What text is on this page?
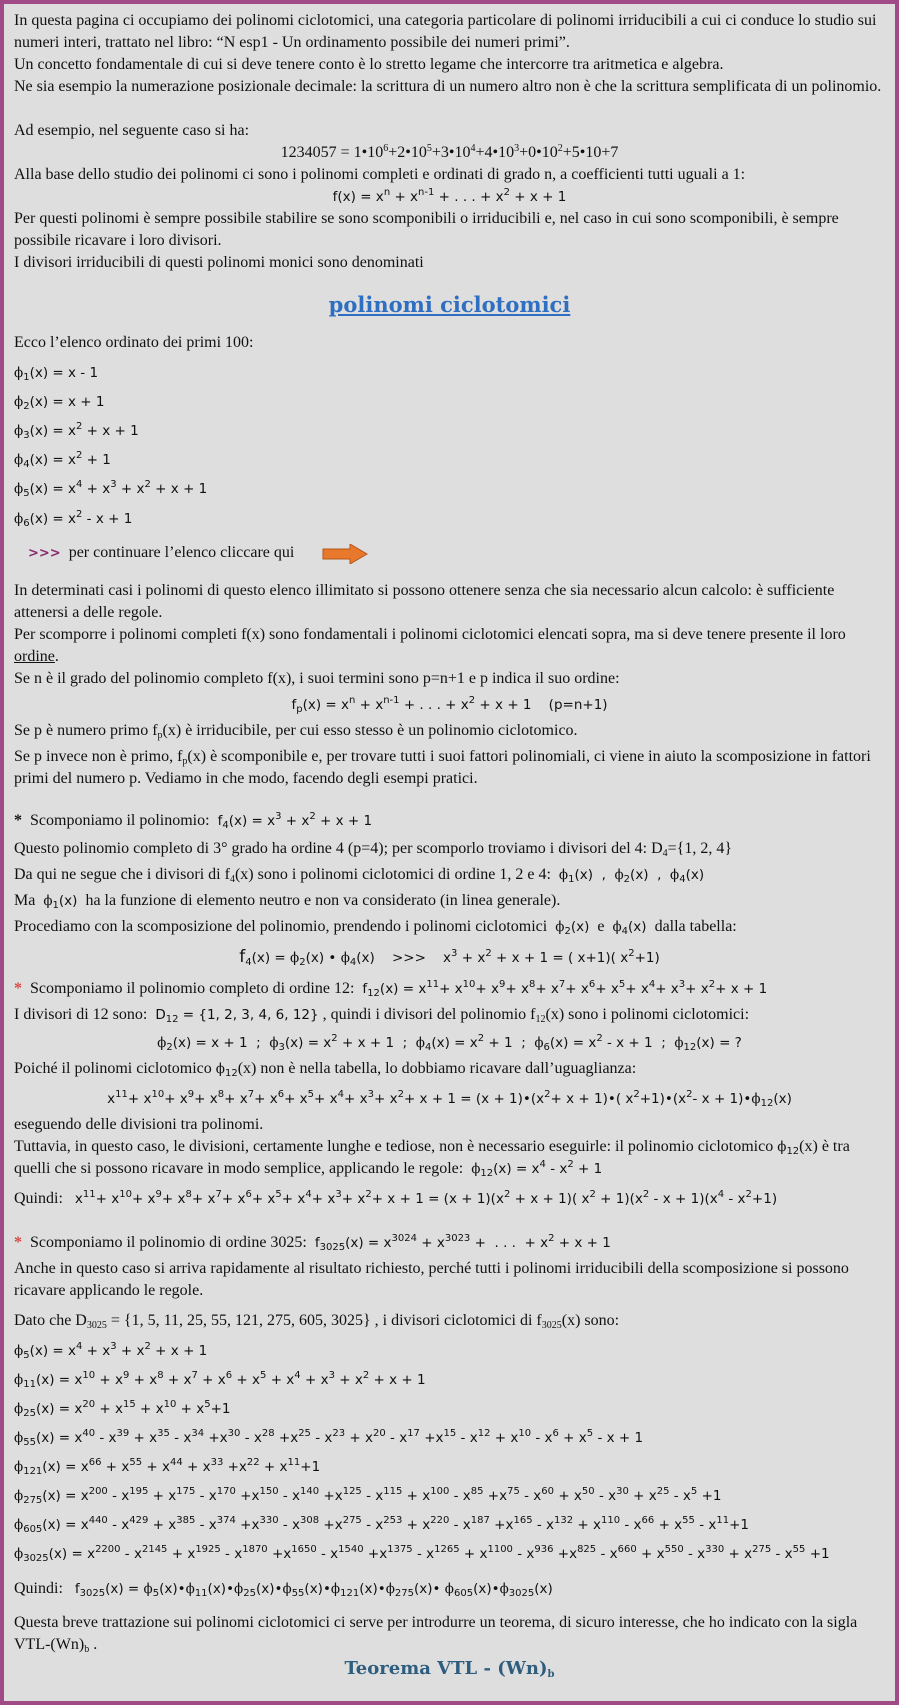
In questa pagina ci occupiamo dei polinomi ciclotomici, una categoria particolare di polinomi irriducibili a cui ci conduce lo studio sui numeri interi, trattato nel libro: “N esp1 - Un ordinamento possibile dei numeri primi”.
Un concetto fondamentale di cui si deve tenere conto è lo stretto legame che intercorre tra aritmetica e algebra.
Ne sia esempio la numerazione posizionale decimale: la scrittura di un numero altro non è che la scrittura semplificata di un polinomio.
Ad esempio, nel seguente caso si ha:
$1234057 = 1•10^6+2•10^5+3•10^4+4•10^3+0•10^2+5•10+7$
Alla base dello studio dei polinomi ci sono i polinomi completi e ordinati di grado n, a coefficienti tutti uguali a 1:
$f(x) = x^n + x^{n-1}$ + . . . + $x^2 + x + 1$
Per questi polinomi è sempre possibile stabilire se sono scomponibili o irriducibili e, nel caso in cui sono scomponibili, è sempre possibile ricavare i loro divisori.
I divisori irriducibili di questi polinomi monici sono denominati
polinomi ciclotomici
Ecco l’elenco ordinato dei primi 100:
$\phi_1(x) = x - 1$
$\phi_2(x) = x + 1$
$\phi_3(x) = x^2 + x + 1$
$\phi_4(x) = x^2 + 1$
$\phi_5(x) = x^4 + x^3 + x^2 + x + 1$
$\phi_6(x) = x^2 - x + 1$
>>> per continuare l’elenco cliccare qui
In determinati casi i polinomi di questo elenco illimitato si possono ottenere senza che sia necessario alcun calcolo: è sufficiente attenersi a delle regole.
Per scomporre i polinomi completi f(x) sono fondamentali i polinomi ciclotomici elencati sopra, ma si deve tenere presente il loro ordine.
Se n è il grado del polinomio completo f(x), i suoi termini sono p=n+1 e p indica il suo ordine:
$f_p(x) = x^n + x^{n-1}$ + . . . + $x^2 + x + 1$    (p=n+1)
Se p è numero primo $f_p(x)$ è irriducibile, per cui esso stesso è un polinomio ciclotomico.
Se p invece non è primo, $f_p(x)$ è scomponibile e, per trovare tutti i suoi fattori polinomiali, ci viene in aiuto la scomposizione in fattori primi del numero p. Vediamo in che modo, facendo degli esempi pratici.
* Scomponiamo il polinomio: $f_4(x) = x^3 + x^2 + x + 1$
Questo polinomio completo di 3° grado ha ordine 4 (p=4); per scomporlo troviamo i divisori del 4: $D_4=\{1$, 2, 4}
Da qui ne segue che i divisori di $f_4(x)$ sono i polinomi ciclotomici di ordine 1, 2 e 4: $\phi_1(x)$  ,  $\phi_2(x)$  ,  $\phi_4(x)$
Ma $\phi_1(x)$ ha la funzione di elemento neutro e non va considerato (in linea generale).
Procediamo con la scomposizione del polinomio, prendendo i polinomi ciclotomici $\phi_2(x)$ e $\phi_4(x)$ dalla tabella:
$f_4(x) = \phi_2(x)$ • $\phi_4(x)$    >>>    $x^3 + x^2 + x + 1$ = ( x+1)( $x^2+1$)
* Scomponiamo il polinomio completo di ordine 12: $f_{12}(x) = x^{11}+ x^{10}+ x^9+ x^8+ x^7+ x^6+ x^5+ x^4+ x^3+ x^2+ x + 1$
I divisori di 12 sono: $D_{12} = \{1$, 2, 3, 4, 6, 12} , quindi i divisori del polinomio $f_{12}(x)$ sono i polinomi ciclotomici:
$\phi_2(x) = x + 1$  ;  $\phi_3(x) = x^2 + x + 1$  ;  $\phi_4(x) = x^2 + 1$  ;  $\phi_6(x) = x^2 - x + 1$  ;  $\phi_{12}(x)$ = ?
Poiché il polinomi ciclotomico $\phi_{12}(x)$ non è nella tabella, lo dobbiamo ricavare dall’uguaglianza:
$x^{11}+ x^{10}+ x^9+ x^8+ x^7+ x^6+ x^5+ x^4+ x^3+ x^2+ x + 1 = (x$ + $1)•(x^2+ x$ + 1)•( $x^2+1)•(x^2-$ $x + 1)•\phi_{12}(x)$
eseguendo delle divisioni tra polinomi.
Tuttavia, in questo caso, le divisioni, certamente lunghe e tediose, non è necessario eseguirle: il polinomio ciclotomico $\phi_{12}(x)$ è tra quelli che si possono ricavare in modo semplice, applicando le regole: $\phi_{12}(x) = x^4 - x^2 + 1$
Quindi: $x^{11}+ x^{10}+ x^9+ x^8+ x^7+ x^6+ x^5+ x^4+ x^3+ x^2+ x + 1 = (x + 1)(x^2 + x + 1)$( $x^2 + 1)(x^2 - x + 1)(x^4 - x^2+1)$
* Scomponiamo il polinomio di ordine 3025: $f_{3025}(x) = x^{3024} + x^{3023}$ +  . . .  + $x^2 + x + 1$
Anche in questo caso si arriva rapidamente al risultato richiesto, perché tutti i polinomi irriducibili della scomposizione si possono ricavare applicando le regole.
Dato che $D_{3025} = \{1$, 5, 11, 25, 55, 121, 275, 605, 3025} , i divisori ciclotomici di $f_{3025}(x)$ sono:
$\phi_5(x) = x^4 + x^3 + x^2 + x + 1$
$\phi_{11}(x) = x^{10} + x^9 + x^8 + x^7 + x^6 + x^5 + x^4 + x^3 + x^2 + x + 1$
$\phi_{25}(x) = x^{20} + x^{15} + x^{10} + x^5+1$
$\phi_{55}(x) = x^{40} - x^{39} + x^{35} - x^{34} +x^{30} - x^{28} +x^{25} - x^{23} + x^{20} - x^{17} +x^{15} - x^{12} + x^{10} - x^6 + x^5 - x + 1$
$\phi_{121}(x) = x^{66} + x^{55} + x^{44} + x^{33} +x^{22} + x^{11}+1$
$\phi_{275}(x) = x^{200} - x^{195} + x^{175} - x^{170} +x^{150} - x^{140} +x^{125} - x^{115} + x^{100} - x^{85} +x^{75} - x^{60} + x^{50} - x^{30} + x^{25} - x^5 +1$
$\phi_{605}(x) = x^{440} - x^{429} + x^{385} - x^{374} +x^{330} - x^{308} +x^{275} - x^{253} + x^{220} - x^{187} +x^{165} - x^{132} + x^{110} - x^{66} + x^{55} - x^{11}+1$
$\phi_{3025}(x) = x^{2200} - x^{2145} + x^{1925} - x^{1870} +x^{1650} - x^{1540} +x^{1375} - x^{1265} + x^{1100} - x^{936} +x^{825} - x^{660} + x^{550} - x^{330} + x^{275} - x^{55} +1$
Quindi: $f_{3025}(x)$ = $\phi_5(x)•\phi_{11}(x)•\phi_{25}(x)•\phi_{55}(x)•\phi_{121}(x)•\phi_{275}(x)•$ $\phi_{605}(x)•\phi_{3025}(x)$
Questa breve trattazione sui polinomi ciclotomici ci serve per introdurre un teorema, di sicuro interesse, che ho indicato con la sigla VTL-$(Wn)_b$ .
Teorema VTL - $(Wn)_b$
